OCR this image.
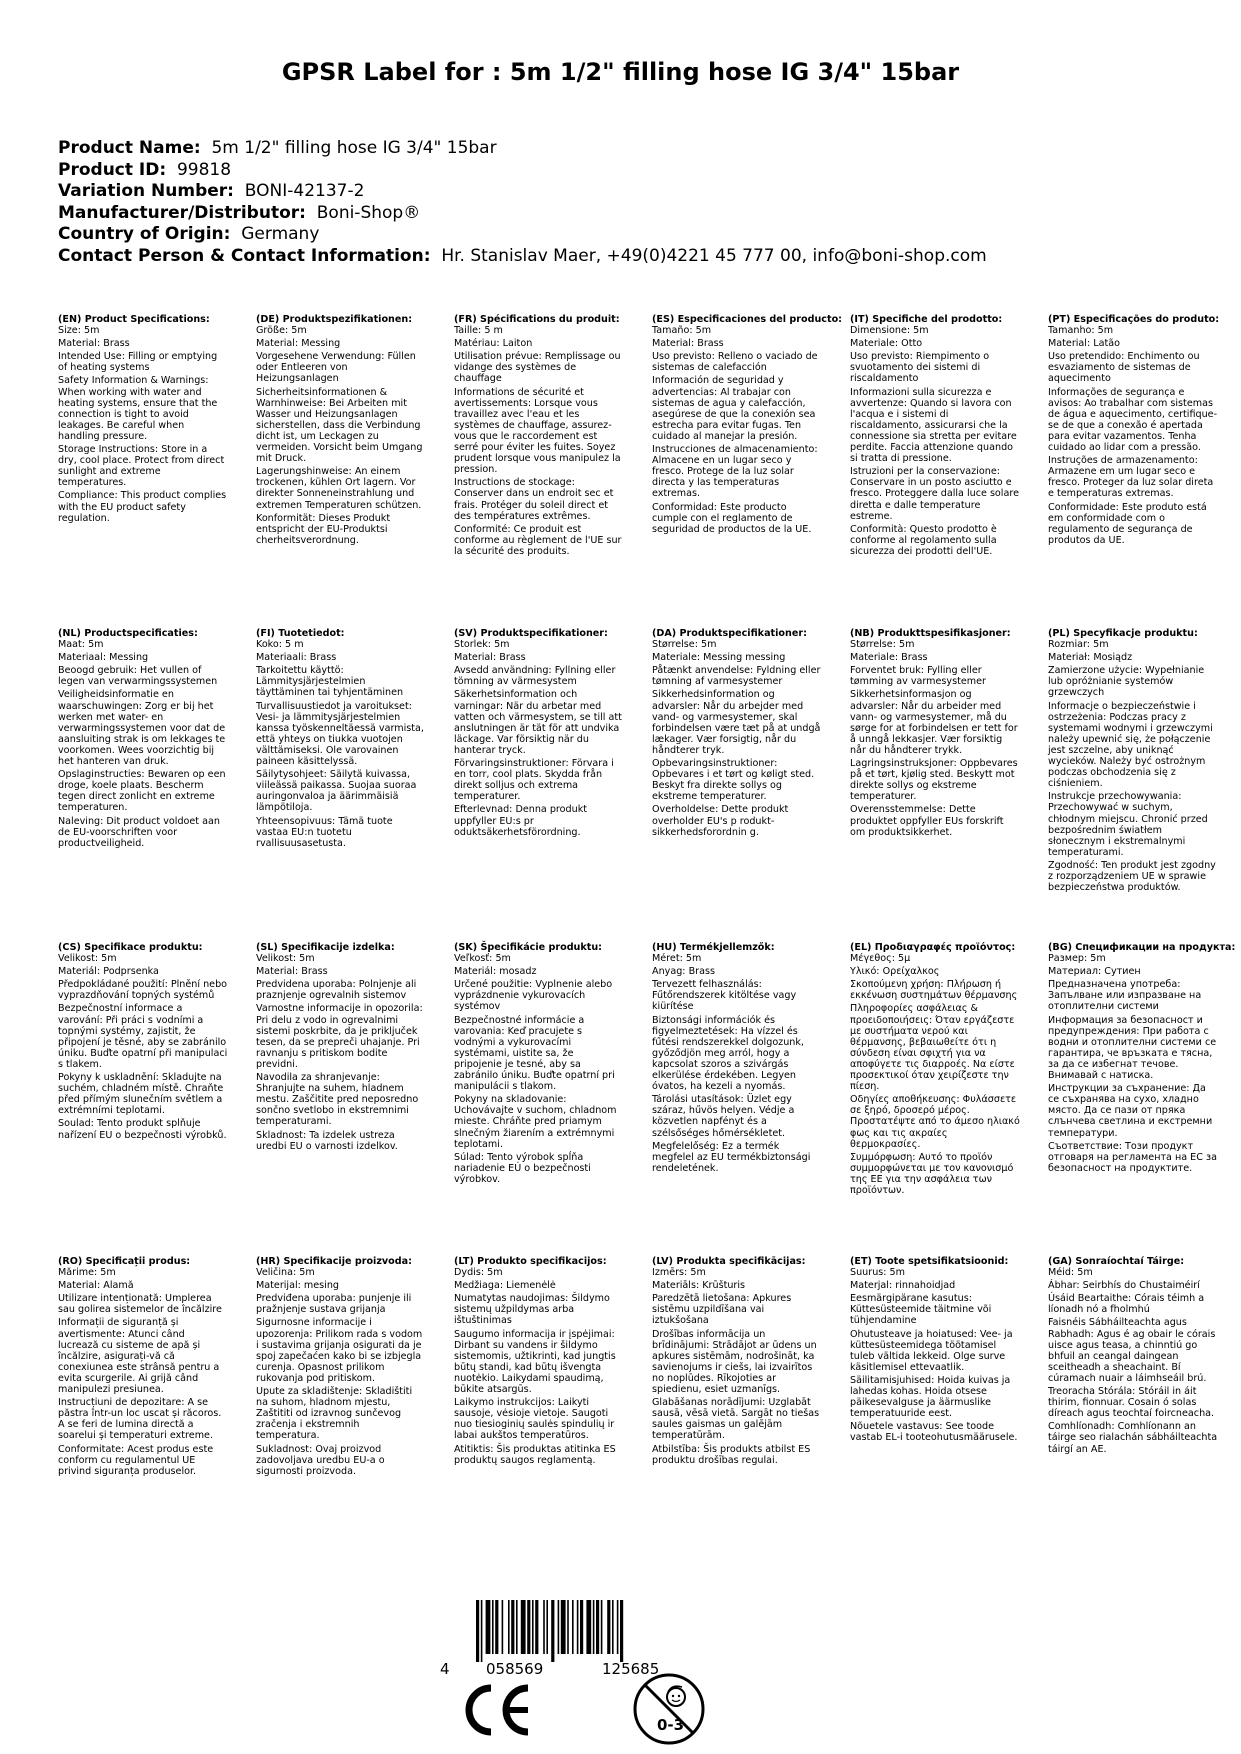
GPSR Label for : 5m 1/2" filling hose IG 3/4" 15bar
Product Name: 5m 1/2" filling hose IG 3/4" 15bar
Product ID: 99818
Variation Number: BONI-42137-2
Manufacturer/Distributor: Boni-Shop®
Country of Origin: Germany
Contact Person & Contact Information: Hr. Stanislav Maer, +49(0)4221 45 777 00, info@boni-shop.com
(EN) Product Specifications:
Size: 5m
Material: Brass
Intended Use: Filling or emptying of heating systems
Safety Information & Warnings: When working with water and heating systems, ensure that the connection is tight to avoid leakages. Be careful when handling pressure.
Storage Instructions: Store in a dry, cool place. Protect from direct sunlight and extreme temperatures.
Compliance: This product complies with the EU product safety regulation.
(DE) Produktspezifikationen:
Größe: 5m
Material: Messing
Vorgesehene Verwendung: Füllen oder Entleeren von Heizungsanlagen
Sicherheitsinformationen & Warnhinweise: Bei Arbeiten mit Wasser und Heizungsanlagen sicherstellen, dass die Verbindung dicht ist, um Leckagen zu vermeiden. Vorsicht beim Umgang mit Druck.
Lagerungshinweise: An einem trockenen, kühlen Ort lagern. Vor direkter Sonneneinstrahlung und extremen Temperaturen schützen.
Konformität: Dieses Produkt entspricht der EU-Produktsi cherheitsverordnung.
(FR) Spécifications du produit:
Taille: 5 m
Matériau: Laiton
Utilisation prévue: Remplissage ou vidange des systèmes de chauffage
Informations de sécurité et avertissements: Lorsque vous travaillez avec l'eau et les systèmes de chauffage, assurez-vous que le raccordement est serré pour éviter les fuites. Soyez prudent lorsque vous manipulez la pression.
Instructions de stockage: Conserver dans un endroit sec et frais. Protéger du soleil direct et des températures extrêmes.
Conformité: Ce produit est conforme au règlement de l'UE sur la sécurité des produits.
(ES) Especificaciones del producto:
Tamaño: 5m
Material: Brass
Uso previsto: Relleno o vaciado de sistemas de calefacción
Información de seguridad y advertencias: Al trabajar con sistemas de agua y calefacción, asegúrese de que la conexión sea estrecha para evitar fugas. Ten cuidado al manejar la presión.
Instrucciones de almacenamiento: Almacene en un lugar seco y fresco. Protege de la luz solar directa y las temperaturas extremas.
Conformidad: Este producto cumple con el reglamento de seguridad de productos de la UE.
(IT) Specifiche del prodotto:
Dimensione: 5m
Materiale: Otto
Uso previsto: Riempimento o svuotamento dei sistemi di riscaldamento
Informazioni sulla sicurezza e avvertenze: Quando si lavora con l'acqua e i sistemi di riscaldamento, assicurarsi che la connessione sia stretta per evitare perdite. Faccia attenzione quando si tratta di pressione.
Istruzioni per la conservazione: Conservare in un posto asciutto e fresco. Proteggere dalla luce solare diretta e dalle temperature estreme.
Conformità: Questo prodotto è conforme al regolamento sulla sicurezza dei prodotti dell'UE.
(PT) Especificações do produto:
Tamanho: 5m
Material: Latão
Uso pretendido: Enchimento ou esvaziamento de sistemas de aquecimento
Informações de segurança e avisos: Ao trabalhar com sistemas de água e aquecimento, certifique-se de que a conexão é apertada para evitar vazamentos. Tenha cuidado ao lidar com a pressão.
Instruções de armazenamento: Armazene em um lugar seco e fresco. Proteger da luz solar direta e temperaturas extremas.
Conformidade: Este produto está em conformidade com o regulamento de segurança de produtos da UE.
(NL) Productspecificaties:
Maat: 5m
Materiaal: Messing
Beoogd gebruik: Het vullen of legen van verwarmingssystemen
Veiligheidsinformatie en waarschuwingen: Zorg er bij het werken met water- en verwarmingssystemen voor dat de aansluiting strak is om lekkages te voorkomen. Wees voorzichtig bij het hanteren van druk.
Opslaginstructies: Bewaren op een droge, koele plaats. Bescherm tegen direct zonlicht en extreme temperaturen.
Naleving: Dit product voldoet aan de EU-voorschriften voor productveiligheid.
(FI) Tuotetiedot:
Koko: 5 m
Materiaali: Brass
Tarkoitettu käyttö: Lämmitysjärjestelmien täyttäminen tai tyhjentäminen
Turvallisuustiedot ja varoitukset: Vesi- ja lämmitysjärjestelmien kanssa työskenneltäessä varmista, että yhteys on tiukka vuotojen välttämiseksi. Ole varovainen paineen käsittelyssä.
Säilytysohjeet: Säilytä kuivassa, viileässä paikassa. Suojaa suoraa auringonvaloa ja äärimmäisiä lämpötiloja.
Yhteensopivuus: Tämä tuote vastaa EU:n tuotetu rvallisuusasetusta.
(SV) Produktspecifikationer:
Storlek: 5m
Material: Brass
Avsedd användning: Fyllning eller tömning av värmesystem
Säkerhetsinformation och varningar: När du arbetar med vatten och värmesystem, se till att anslutningen är tät för att undvika läckage. Var försiktig när du hanterar tryck.
Förvaringsinstruktioner: Förvara i en torr, cool plats. Skydda från direkt solljus och extrema temperaturer.
Efterlevnad: Denna produkt uppfyller EU:s pr oduktsäkerhetsförordning.
(DA) Produktspecifikationer:
Størrelse: 5m
Materiale: Messing messing
Påtænkt anvendelse: Fyldning eller tømning af varmesystemer
Sikkerhedsinformation og advarsler: Når du arbejder med vand- og varmesystemer, skal forbindelsen være tæt på at undgå lækager. Vær forsigtig, når du håndterer tryk.
Opbevaringsinstruktioner: Opbevares i et tørt og køligt sted. Beskyt fra direkte sollys og ekstreme temperaturer.
Overholdelse: Dette produkt overholder EU's p roduktsikkerhedsforordnin g.
(NB) Produkttspesifikasjoner:
Størrelse: 5m
Materiale: Brass
Forventet bruk: Fylling eller tømming av varmesystemer
Sikkerhetsinformasjon og advarsler: Når du arbeider med vann- og varmesystemer, må du sørge for at forbindelsen er tett for å unngå lekkasjer. Vær forsiktig når du håndterer trykk.
Lagringsinstruksjoner: Oppbevares på et tørt, kjølig sted. Beskytt mot direkte sollys og ekstreme temperaturer.
Overensstemmelse: Dette produktet oppfyller EUs forskrift om produktsikkerhet.
(PL) Specyfikacje produktu:
Rozmiar: 5m
Materiał: Mosiądz
Zamierzone użycie: Wypełnianie lub opróżnianie systemów grzewczych
Informacje o bezpieczeństwie i ostrzeżenia: Podczas pracy z systemami wodnymi i grzewczymi należy upewnić się, że połączenie jest szczelne, aby uniknąć wycieków. Należy być ostrożnym podczas obchodzenia się z ciśnieniem.
Instrukcje przechowywania: Przechowywać w suchym, chłodnym miejscu. Chronić przed bezpośrednim światłem słonecznym i ekstremalnymi temperaturami.
Zgodność: Ten produkt jest zgodny z rozporządzeniem UE w sprawie bezpieczeństwa produktów.
(CS) Specifikace produktu:
Velikost: 5m
Materiál: Podprsenka
Předpokládané použití: Plnění nebo vyprazdňování topných systémů
Bezpečnostní informace a varování: Při práci s vodními a topnými systémy, zajistit, že připojení je těsné, aby se zabránilo úniku. Buďte opatrní při manipulaci s tlakem.
Pokyny k uskladnění: Skladujte na suchém, chladném místě. Chraňte před přímým slunečním světlem a extrémními teplotami.
Soulad: Tento produkt splňuje nařízení EU o bezpečnosti výrobků.
(SL) Specifikacije izdelka:
Velikost: 5m
Material: Brass
Predvidena uporaba: Polnjenje ali praznjenje ogrevalnih sistemov
Varnostne informacije in opozorila: Pri delu z vodo in ogrevalnimi sistemi poskrbite, da je priključek tesen, da se prepreči uhajanje. Pri ravnanju s pritiskom bodite previdni.
Navodila za shranjevanje: Shranjujte na suhem, hladnem mestu. Zaščitite pred neposredno sončno svetlobo in ekstremnimi temperaturami.
Skladnost: Ta izdelek ustreza uredbi EU o varnosti izdelkov.
(SK) Špecifikácie produktu:
Veľkosť: 5m
Materiál: mosadz
Určené použitie: Vyplnenie alebo vyprázdnenie vykurovacích systémov
Bezpečnostné informácie a varovania: Keď pracujete s vodnými a vykurovacími systémami, uistite sa, že pripojenie je tesné, aby sa zabránilo úniku. Buďte opatrní pri manipulácii s tlakom.
Pokyny na skladovanie: Uchovávajte v suchom, chladnom mieste. Chráňte pred priamym slnečným žiarením a extrémnymi teplotami.
Súlad: Tento výrobok spĺňa nariadenie EÚ o bezpečnosti výrobkov.
(HU) Termékjellemzők:
Méret: 5m
Anyag: Brass
Tervezett felhasználás: Fűtőrendszerek kitöltése vagy kiürítése
Biztonsági információk és figyelmeztetések: Ha vízzel és fűtési rendszerekkel dolgozunk, győződjön meg arról, hogy a kapcsolat szoros a szivárgás elkerülése érdekében. Legyen óvatos, ha kezeli a nyomás.
Tárolási utasítások: Üzlet egy száraz, hűvös helyen. Védje a közvetlen napfényt és a szélsőséges hőmérsékletet.
Megfelelőség: Ez a termék megfelel az EU termékbiztonsági rendeletének.
(EL) Προδιαγραφές προϊόντος:
Μέγεθος: 5μ
Υλικό: Ορείχαλκος
Σκοπούμενη χρήση: Πλήρωση ή εκκένωση συστημάτων θέρμανσης
Πληροφορίες ασφάλειας & προειδοποιήσεις: Όταν εργάζεστε με συστήματα νερού και θέρμανσης, βεβαιωθείτε ότι η σύνδεση είναι σφιχτή για να αποφύγετε τις διαρροές. Να είστε προσεκτικοί όταν χειρίζεστε την πίεση.
Οδηγίες αποθήκευσης: Φυλάσσετε σε ξηρό, δροσερό μέρος. Προστατέψτε από το άμεσο ηλιακό φως και τις ακραίες θερμοκρασίες.
Συμμόρφωση: Αυτό το προϊόν συμμορφώνεται με τον κανονισμό της ΕΕ για την ασφάλεια των προϊόντων.
(BG) Спецификации на продукта:
Размер: 5m
Материал: Сутиен
Предназначена употреба: Запълване или изпразване на отоплителни системи
Информация за безопасност и предупреждения: При работа с водни и отоплителни системи се гарантира, че връзката е тясна, за да се избегнат течове. Внимавай с натиска.
Инструкции за съхранение: Да се съхранява на сухо, хладно място. Да се пази от пряка слънчева светлина и екстремни температури.
Съответствие: Този продукт отговаря на регламента на ЕС за безопасност на продуктите.
(RO) Specificații produs:
Mărime: 5m
Material: Alamă
Utilizare intenționată: Umplerea sau golirea sistemelor de încălzire
Informații de siguranță și avertismente: Atunci când lucrează cu sisteme de apă și încălzire, asigurați-vă că conexiunea este strânsă pentru a evita scurgerile. Ai grijă când manipulezi presiunea.
Instrucțiuni de depozitare: A se păstra într-un loc uscat și răcoros. A se feri de lumina directă a soarelui și temperaturi extreme.
Conformitate: Acest produs este conform cu regulamentul UE privind siguranța produselor.
(HR) Specifikacije proizvoda:
Veličina: 5m
Materijal: mesing
Predviđena uporaba: punjenje ili pražnjenje sustava grijanja
Sigurnosne informacije i upozorenja: Prilikom rada s vodom i sustavima grijanja osigurati da je spoj zapečaćen kako bi se izbjegla curenja. Opasnost prilikom rukovanja pod pritiskom.
Upute za skladištenje: Skladištiti na suhom, hladnom mjestu, Zaštititi od izravnog sunčevog zračenja i ekstremnih temperatura.
Sukladnost: Ovaj proizvod zadovoljava uredbu EU-a o sigurnosti proizvoda.
(LT) Produkto specifikacijos:
Dydis: 5m
Medžiaga: Liemenėlė
Numatytas naudojimas: Šildymo sistemų užpildymas arba ištuštinimas
Saugumo informacija ir įspėjimai: Dirbant su vandens ir šildymo sistemomis, užtikrinti, kad jungtis būtų standi, kad būtų išvengta nuotėkio. Laikydami spaudimą, būkite atsargūs.
Laikymo instrukcijos: Laikyti sausoje, vėsioje vietoje. Saugoti nuo tiesioginių saulės spindulių ir labai aukštos temperatūros.
Atitiktis: Šis produktas atitinka ES produktų saugos reglamentą.
(LV) Produkta specifikācijas:
Izmērs: 5m
Materiāls: Krūšturis
Paredzētā lietošana: Apkures sistēmu uzpildīšana vai iztukšošana
Drošības informācija un brīdinājumi: Strādājot ar ūdens un apkures sistēmām, nodrošināt, ka savienojums ir ciešs, lai izvairītos no noplūdes. Rīkojoties ar spiedienu, esiet uzmanīgs.
Glabāšanas norādījumi: Uzglabāt sausā, vēsā vietā. Sargāt no tiešas saules gaismas un galējām temperatūrām.
Atbilstība: Šis produkts atbilst ES produktu drošības regulai.
(ET) Toote spetsifikatsioonid:
Suurus: 5m
Materjal: rinnahoidjad
Eesmärgipärane kasutus: Küttesüsteemide täitmine või tühjendamine
Ohutusteave ja hoiatused: Vee- ja küttesüsteemidega töötamisel tuleb vältida lekkeid. Olge surve käsitlemisel ettevaatlik.
Säilitamisjuhised: Hoida kuivas ja lahedas kohas. Hoida otsese päikesevalguse ja äärmuslike temperatuuride eest.
Nõuetele vastavus: See toode vastab EL-i tooteohutusmäärusele.
(GA) Sonraíochtaí Táirge:
Méid: 5m
Ábhar: Seirbhís do Chustaiméirí
Úsáid Beartaithe: Córais téimh a líonadh nó a fholmhú
Faisnéis Sábháilteachta agus Rabhadh: Agus é ag obair le córais uisce agus teasa, a chinntiú go bhfuil an ceangal daingean sceitheadh a sheachaint. Bí cúramach nuair a láimhseáil brú.
Treoracha Stórála: Stóráil in áit thirim, fionnuar. Cosain ó solas díreach agus teochtaí foircneacha.
Comhlíonadh: Comhlíonann an táirge seo rialachán sábháilteachta táirgí an AE.
4 058569	125685
0-3
